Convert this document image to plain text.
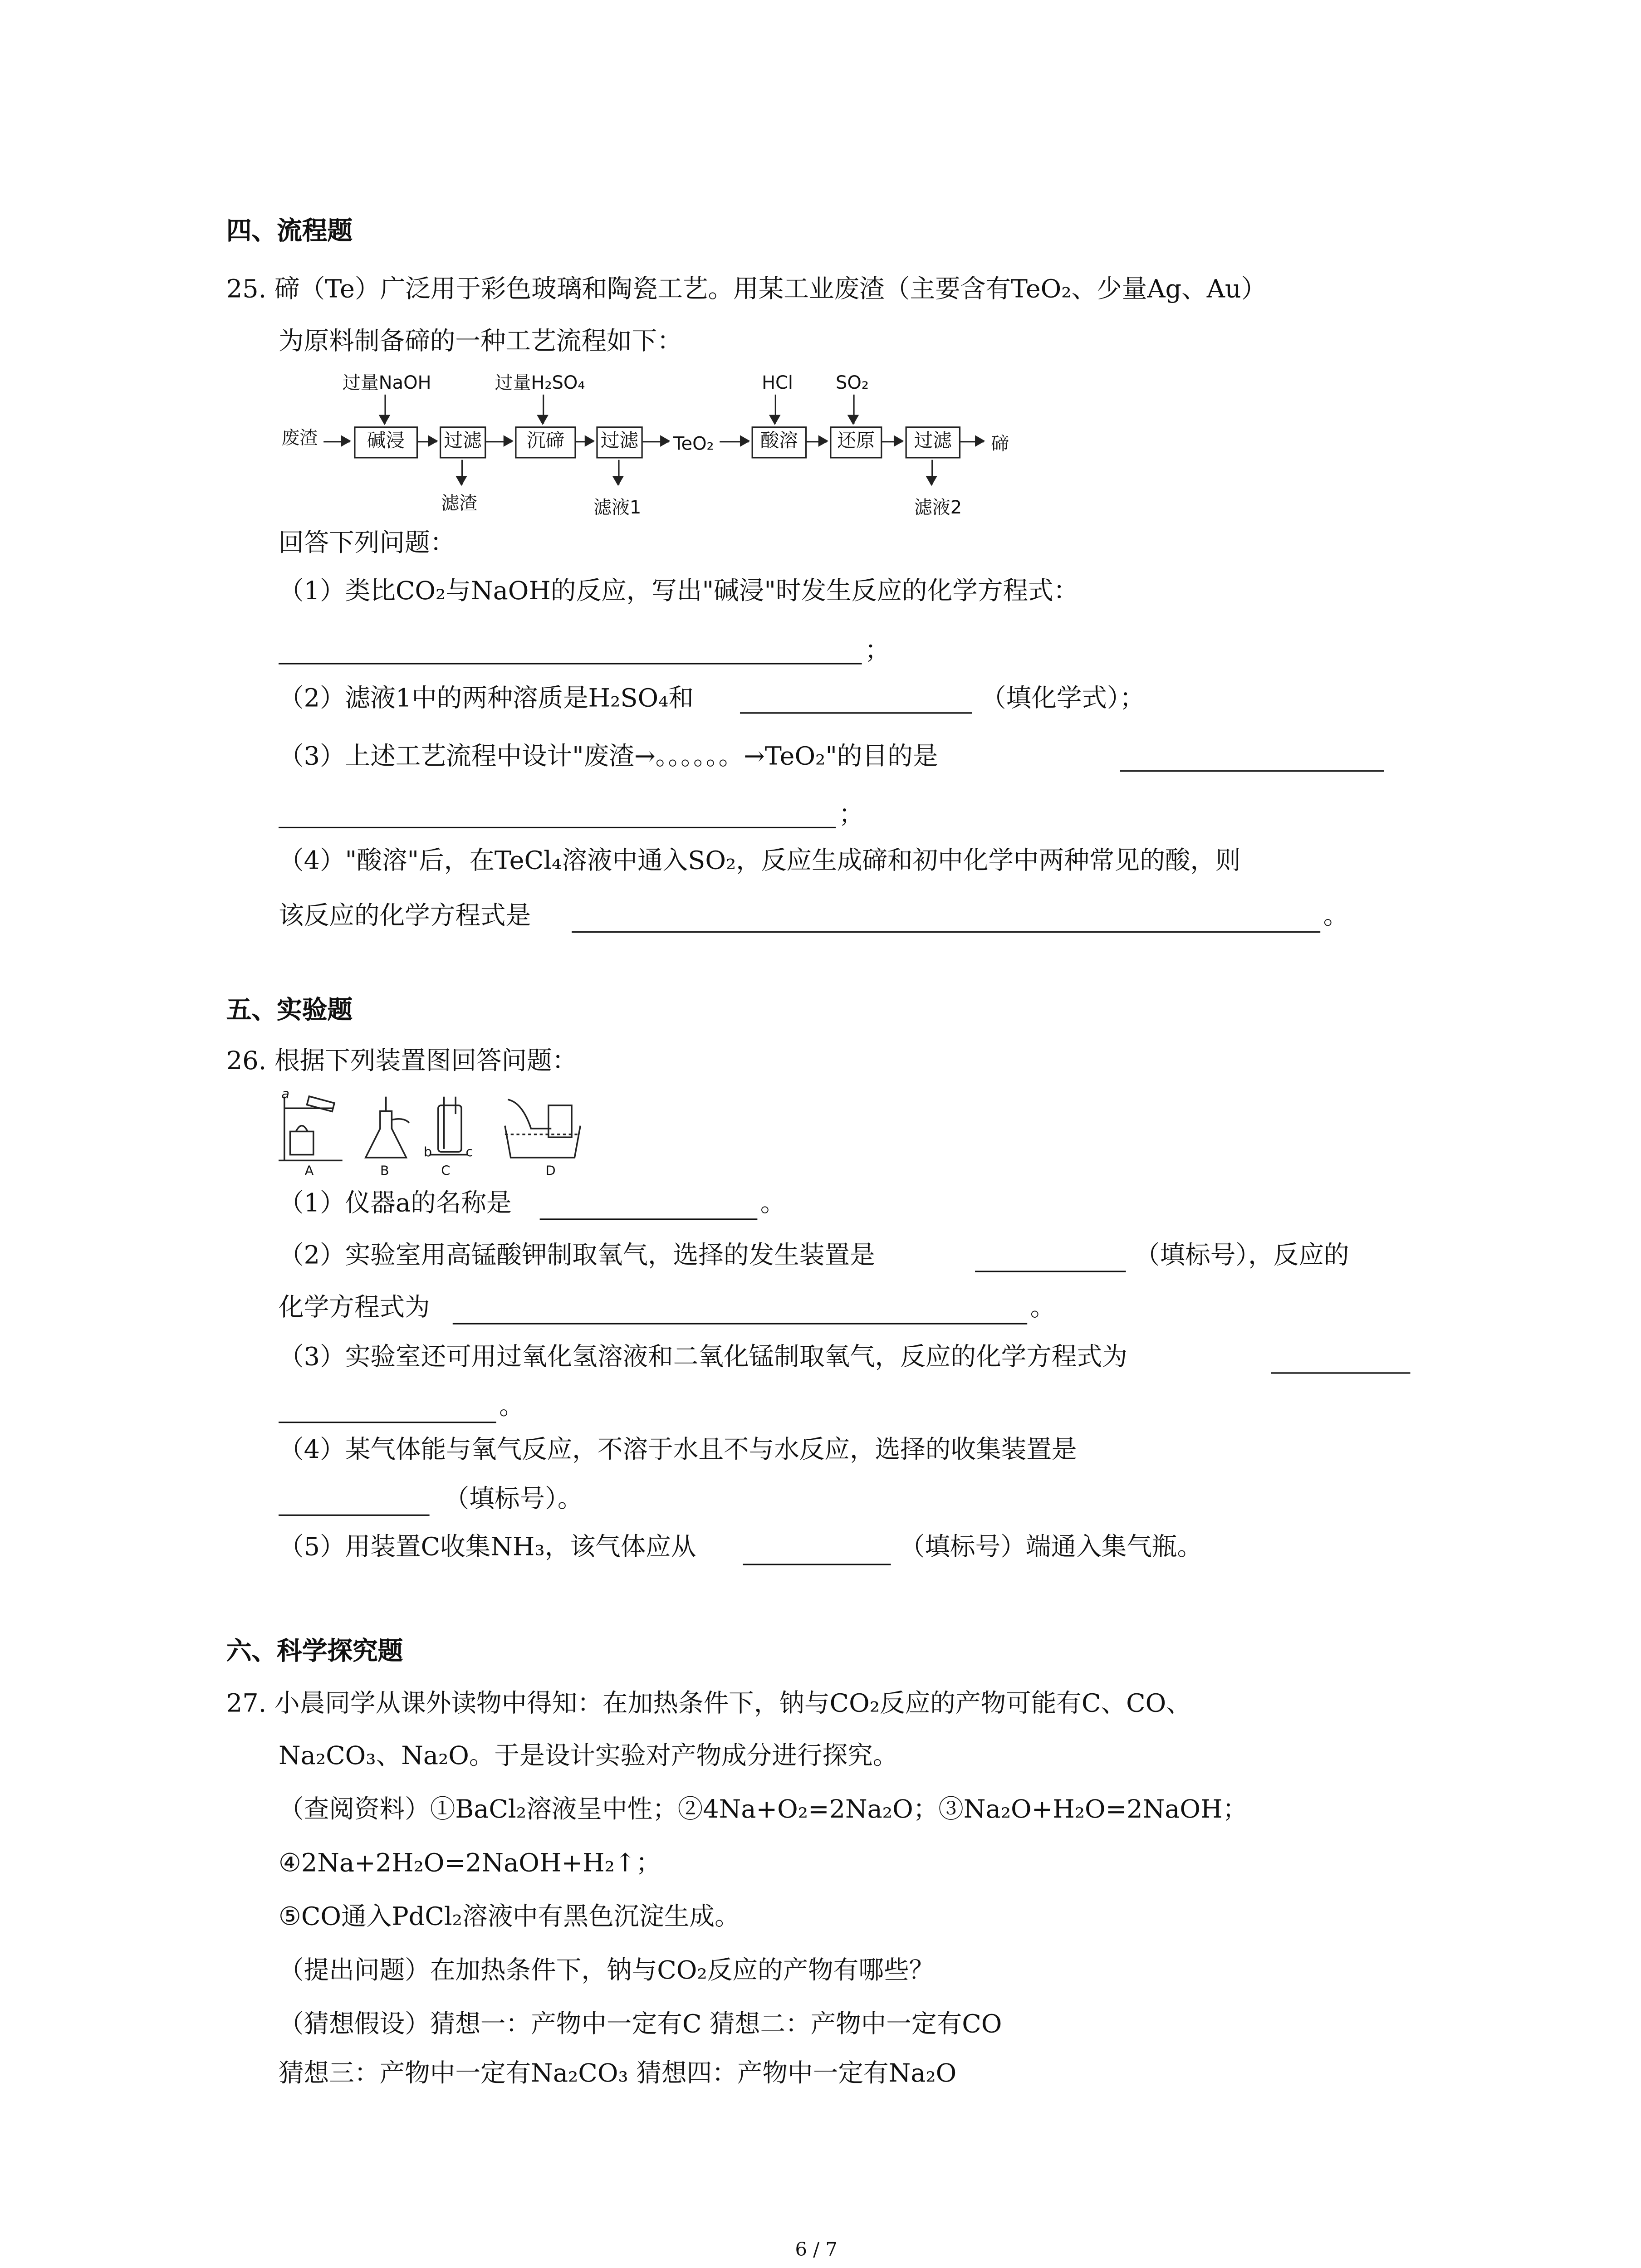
四、流程题
25. 碲（Te）广泛用于彩色玻璃和陶瓷工艺。用某工业废渣（主要含有TeO₂、少量Ag、Au）
为原料制备碲的一种工艺流程如下：
废渣
过量NaOH
碱浸	过滤
滤渣
过量H₂SO₄
沉碲	过滤
滤液1
TeO₂
HCl
酸溶
SO₂
还原	过滤
滤液2
碲
回答下列问题：
（1）类比CO₂与NaOH的反应，写出"碱浸"时发生反应的化学方程式：
；
（2）滤液1中的两种溶质是H₂SO₄和	（填化学式）；
（3）上述工艺流程中设计"废渣→。。。。。。→TeO₂"的目的是
；
（4）"酸溶"后，在TeCl₄溶液中通入SO₂，反应生成碲和初中化学中两种常见的酸，则
该反应的化学方程式是	。
五、实验题
26. 根据下列装置图回答问题：
a
A	B
b	c
C	D
（1）仪器a的名称是	。
（2）实验室用高锰酸钾制取氧气，选择的发生装置是	（填标号），反应的
化学方程式为	。
（3）实验室还可用过氧化氢溶液和二氧化锰制取氧气，反应的化学方程式为
。
（4）某气体能与氧气反应，不溶于水且不与水反应，选择的收集装置是
（填标号）。
（5）用装置C收集NH₃，该气体应从	（填标号）端通入集气瓶。
六、科学探究题
27. 小晨同学从课外读物中得知：在加热条件下，钠与CO₂反应的产物可能有C、CO、
Na₂CO₃、Na₂O。于是设计实验对产物成分进行探究。
（查阅资料）①BaCl₂溶液呈中性；②4Na+O₂=2Na₂O；③Na₂O+H₂O=2NaOH；
④2Na+2H₂O=2NaOH+H₂↑；
⑤CO通入PdCl₂溶液中有黑色沉淀生成。
（提出问题）在加热条件下，钠与CO₂反应的产物有哪些？
（猜想假设）猜想一：产物中一定有C 猜想二：产物中一定有CO
猜想三：产物中一定有Na₂CO₃ 猜想四：产物中一定有Na₂O
6 / 7
